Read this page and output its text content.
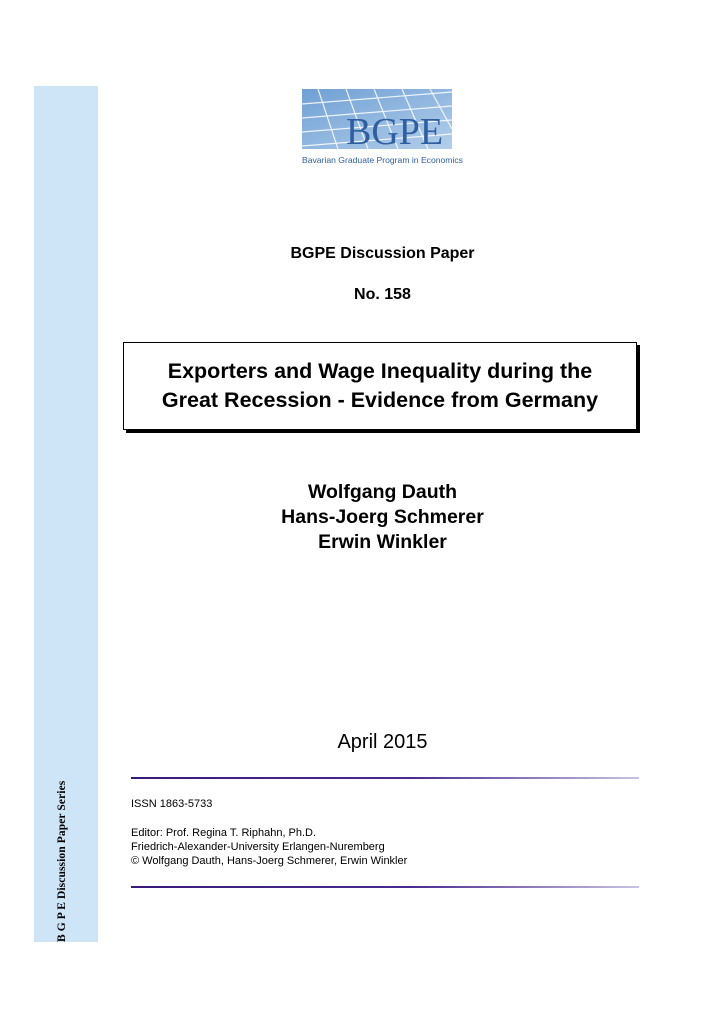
B G P E Discussion Paper Series
BGPE
Bavarian Graduate Program in Economics
BGPE Discussion Paper
No. 158
Exporters and Wage Inequality during the
Great Recession - Evidence from Germany
Wolfgang Dauth
Hans-Joerg Schmerer
Erwin Winkler
April 2015
ISSN 1863-5733
Editor: Prof. Regina T. Riphahn, Ph.D.
Friedrich-Alexander-University Erlangen-Nuremberg
© Wolfgang Dauth, Hans-Joerg Schmerer, Erwin Winkler
